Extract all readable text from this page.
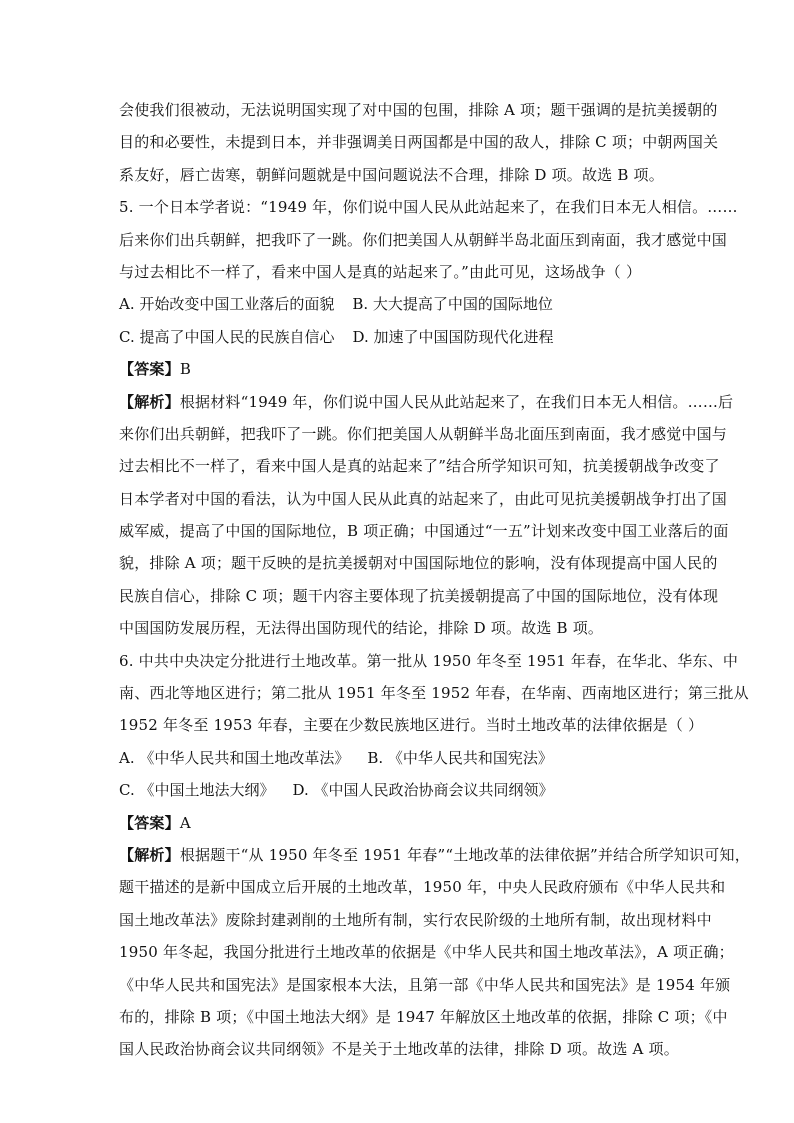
会使我们很被动，无法说明国实现了对中国的包围，排除 A 项；题干强调的是抗美援朝的
目的和必要性，未提到日本，并非强调美日两国都是中国的敌人，排除 C 项；中朝两国关
系友好，唇亡齿寒，朝鲜问题就是中国问题说法不合理，排除 D 项。故选 B 项。
5. 一个日本学者说：“1949 年，你们说中国人民从此站起来了，在我们日本无人相信。……
后来你们出兵朝鲜，把我吓了一跳。你们把美国人从朝鲜半岛北面压到南面，我才感觉中国
与过去相比不一样了，看来中国人是真的站起来了。”由此可见，这场战争（ ）
A. 开始改变中国工业落后的面貌 B. 大大提高了中国的国际地位
C. 提高了中国人民的民族自信心 D. 加速了中国国防现代化进程
【答案】B
【解析】根据材料“1949 年，你们说中国人民从此站起来了，在我们日本无人相信。……后
来你们出兵朝鲜，把我吓了一跳。你们把美国人从朝鲜半岛北面压到南面，我才感觉中国与
过去相比不一样了，看来中国人是真的站起来了”结合所学知识可知，抗美援朝战争改变了
日本学者对中国的看法，认为中国人民从此真的站起来了，由此可见抗美援朝战争打出了国
威军威，提高了中国的国际地位，B 项正确；中国通过“一五”计划来改变中国工业落后的面
貌，排除 A 项；题干反映的是抗美援朝对中国国际地位的影响，没有体现提高中国人民的
民族自信心，排除 C 项；题干内容主要体现了抗美援朝提高了中国的国际地位，没有体现
中国国防发展历程，无法得出国防现代的结论，排除 D 项。故选 B 项。
6. 中共中央决定分批进行土地改革。第一批从 1950 年冬至 1951 年春，在华北、华东、中
南、西北等地区进行；第二批从 1951 年冬至 1952 年春，在华南、西南地区进行；第三批从
1952 年冬至 1953 年春，主要在少数民族地区进行。当时土地改革的法律依据是（ ）
A. 《中华人民共和国土地改革法》 B. 《中华人民共和国宪法》
C. 《中国土地法大纲》 D. 《中国人民政治协商会议共同纲领》
【答案】A
【解析】根据题干“从 1950 年冬至 1951 年春”“土地改革的法律依据”并结合所学知识可知，
题干描述的是新中国成立后开展的土地改革，1950 年，中央人民政府颁布《中华人民共和
国土地改革法》废除封建剥削的土地所有制，实行农民阶级的土地所有制，故出现材料中
1950 年冬起，我国分批进行土地改革的依据是《中华人民共和国土地改革法》，A 项正确；
《中华人民共和国宪法》是国家根本大法，且第一部《中华人民共和国宪法》是 1954 年颁
布的，排除 B 项；《中国土地法大纲》是 1947 年解放区土地改革的依据，排除 C 项；《中
国人民政治协商会议共同纲领》不是关于土地改革的法律，排除 D 项。故选 A 项。
